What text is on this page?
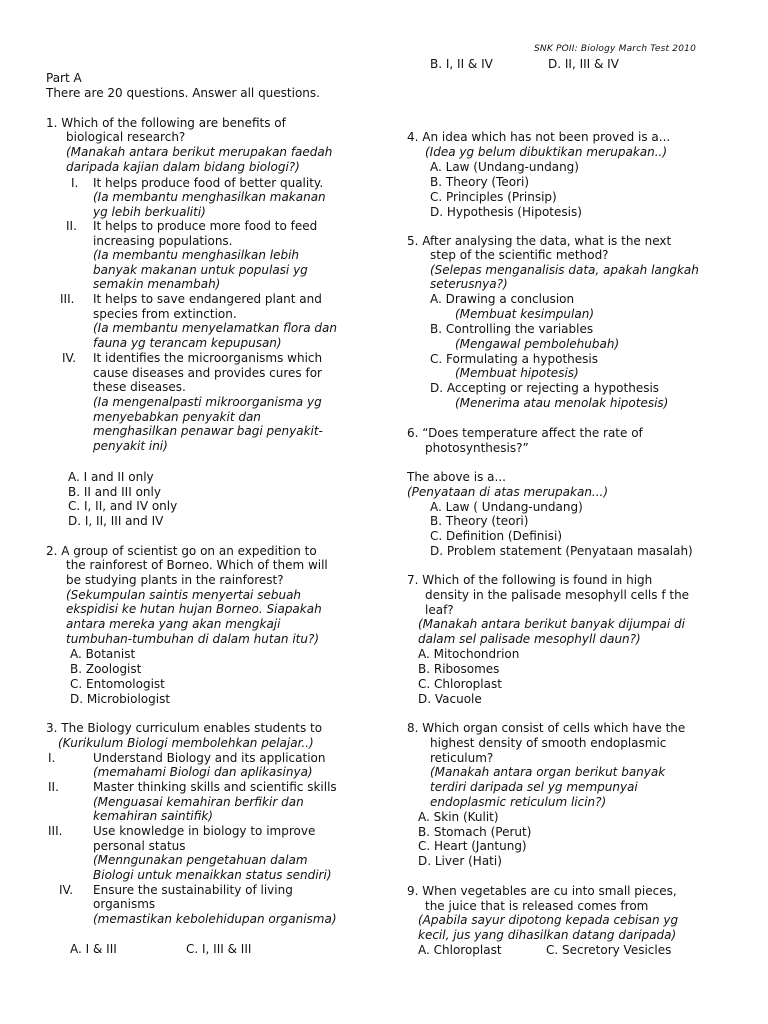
SNK POII: Biology March Test 2010
Part A
There are 20 questions. Answer all questions.
1. Which of the following are benefits of
biological research?
(Manakah antara berikut merupakan faedah
daripada kajian dalam bidang biologi?)
I. It helps produce food of better quality.
(Ia membantu menghasilkan makanan
yg lebih berkualiti)
II. It helps to produce more food to feed
increasing populations.
(Ia membantu menghasilkan lebih
banyak makanan untuk populasi yg
semakin menambah)
III. It helps to save endangered plant and
species from extinction.
(Ia membantu menyelamatkan flora dan
fauna yg terancam kepupusan)
IV. It identifies the microorganisms which
cause diseases and provides cures for
these diseases.
(Ia mengenalpasti mikroorganisma yg
menyebabkan penyakit dan
menghasilkan penawar bagi penyakit-
penyakit ini)
A. I and II only
B. II and III only
C. I, II, and IV only
D. I, II, III and IV
2. A group of scientist go on an expedition to
the rainforest of Borneo. Which of them will
be studying plants in the rainforest?
(Sekumpulan saintis menyertai sebuah
ekspidisi ke hutan hujan Borneo. Siapakah
antara mereka yang akan mengkaji
tumbuhan-tumbuhan di dalam hutan itu?)
A. Botanist
B. Zoologist
C. Entomologist
D. Microbiologist
3. The Biology curriculum enables students to
(Kurikulum Biologi membolehkan pelajar..)
I.	Understand Biology and its application
(memahami Biologi dan aplikasinya)
II.	Master thinking skills and scientific skills
(Menguasai kemahiran berfikir dan
kemahiran saintifik)
III.	Use knowledge in biology to improve
personal status
(Menngunakan pengetahuan dalam
Biologi untuk menaikkan status sendiri)
IV. Ensure the sustainability of living
organisms
(memastikan kebolehidupan organisma)
A. I & III	C. I, III & III
B. I, II & IV	D. II, III & IV
4. An idea which has not been proved is a...
(Idea yg belum dibuktikan merupakan..)
A. Law (Undang-undang)
B. Theory (Teori)
C. Principles (Prinsip)
D. Hypothesis (Hipotesis)
5. After analysing the data, what is the next
step of the scientific method?
(Selepas menganalisis data, apakah langkah
seterusnya?)
A. Drawing a conclusion
(Membuat kesimpulan)
B. Controlling the variables
(Mengawal pembolehubah)
C. Formulating a hypothesis
(Membuat hipotesis)
D. Accepting or rejecting a hypothesis
(Menerima atau menolak hipotesis)
6. “Does temperature affect the rate of
photosynthesis?”
The above is a...
(Penyataan di atas merupakan...)
A. Law ( Undang-undang)
B. Theory (teori)
C. Definition (Definisi)
D. Problem statement (Penyataan masalah)
7. Which of the following is found in high
density in the palisade mesophyll cells f the
leaf?
(Manakah antara berikut banyak dijumpai di
dalam sel palisade mesophyll daun?)
A. Mitochondrion
B. Ribosomes
C. Chloroplast
D. Vacuole
8. Which organ consist of cells which have the
highest density of smooth endoplasmic
reticulum?
(Manakah antara organ berikut banyak
terdiri daripada sel yg mempunyai
endoplasmic reticulum licin?)
A. Skin (Kulit)
B. Stomach (Perut)
C. Heart (Jantung)
D. Liver (Hati)
9. When vegetables are cu into small pieces,
the juice that is released comes from
(Apabila sayur dipotong kepada cebisan yg
kecil, jus yang dihasilkan datang daripada)
A. Chloroplast	C. Secretory Vesicles
